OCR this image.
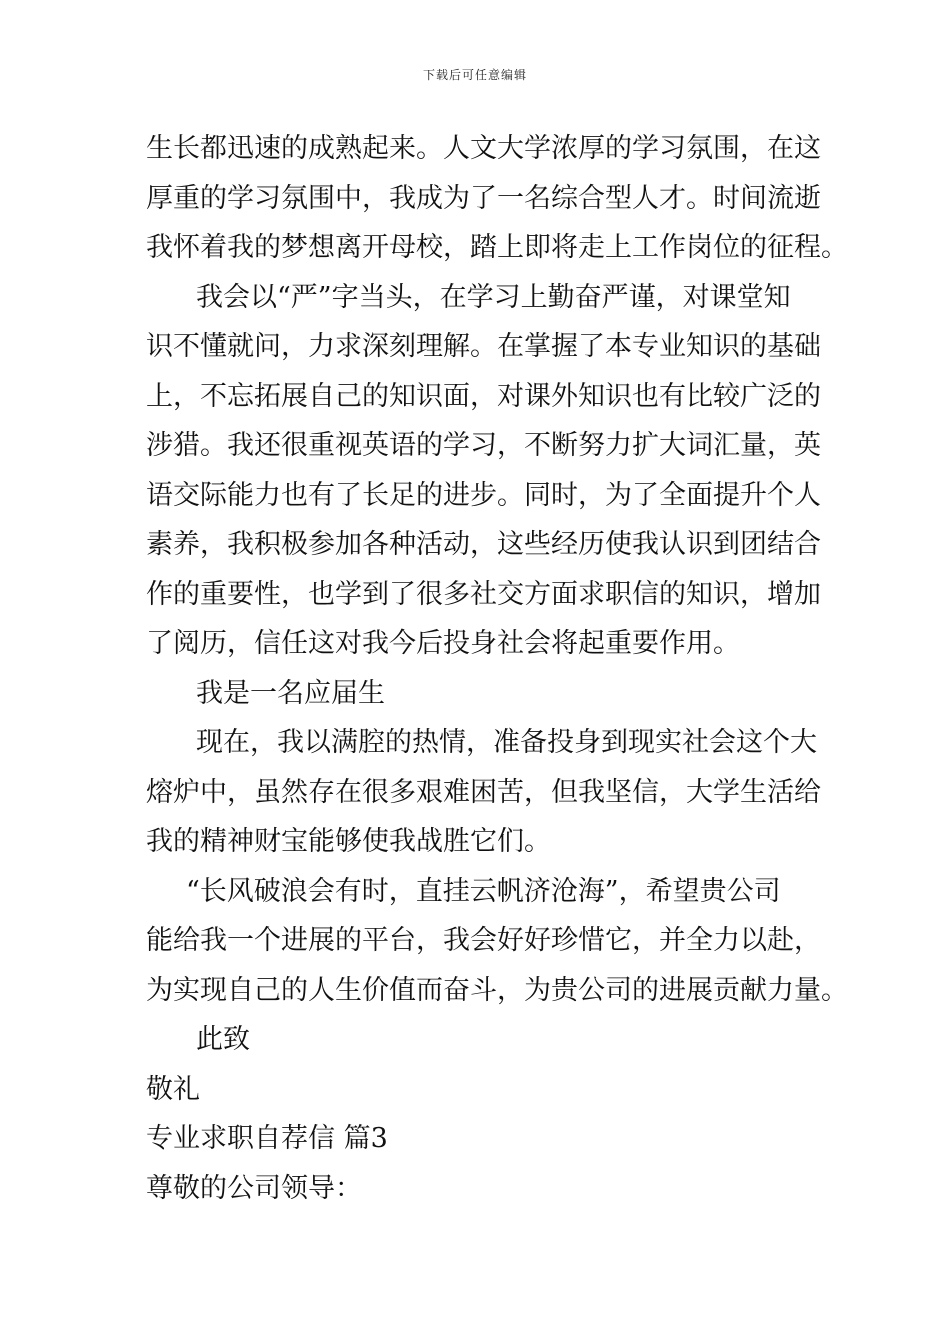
下载后可任意编辑
生长都迅速的成熟起来。人文大学浓厚的学习氛围，在这
厚重的学习氛围中，我成为了一名综合型人才。时间流逝
我怀着我的梦想离开母校，踏上即将走上工作岗位的征程。
我会以“严”字当头，在学习上勤奋严谨，对课堂知
识不懂就问，力求深刻理解。在掌握了本专业知识的基础
上，不忘拓展自己的知识面，对课外知识也有比较广泛的
涉猎。我还很重视英语的学习，不断努力扩大词汇量，英
语交际能力也有了长足的进步。同时，为了全面提升个人
素养，我积极参加各种活动，这些经历使我认识到团结合
作的重要性，也学到了很多社交方面求职信的知识，增加
了阅历，信任这对我今后投身社会将起重要作用。
我是一名应届生
现在，我以满腔的热情，准备投身到现实社会这个大
熔炉中，虽然存在很多艰难困苦，但我坚信，大学生活给
我的精神财宝能够使我战胜它们。
“长风破浪会有时，直挂云帆济沧海”，希望贵公司
能给我一个进展的平台，我会好好珍惜它，并全力以赴，
为实现自己的人生价值而奋斗，为贵公司的进展贡献力量。
此致
敬礼
专业求职自荐信 篇3
尊敬的公司领导：
